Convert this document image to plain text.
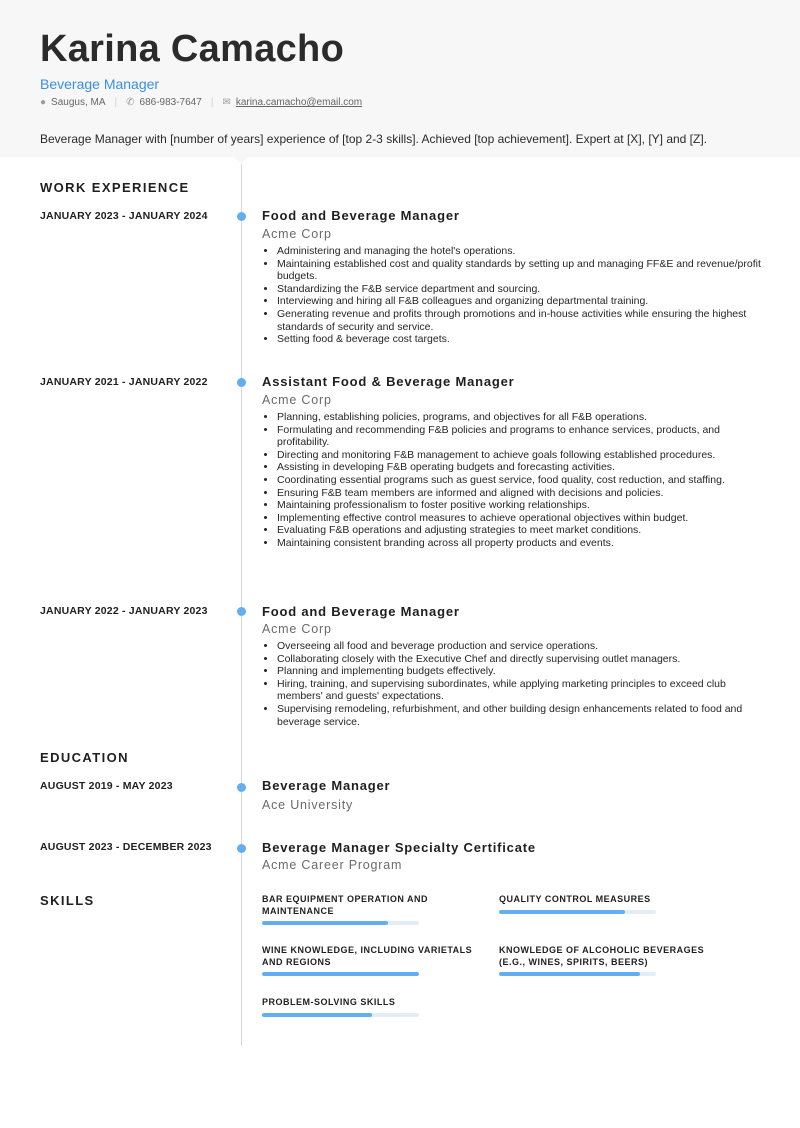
Karina Camacho
Beverage Manager
● Saugus, MA | ✆ 686-983-7647 | ✉ karina.camacho@email.com
Beverage Manager with [number of years] experience of [top 2-3 skills]. Achieved [top achievement]. Expert at [X], [Y] and [Z].
WORK EXPERIENCE
JANUARY 2023 - JANUARY 2024	Food and Beverage Manager
Acme Corp
• Administering and managing the hotel's operations.
• Maintaining established cost and quality standards by setting up and managing FF&E and revenue/profit budgets.
• Standardizing the F&B service department and sourcing.
• Interviewing and hiring all F&B colleagues and organizing departmental training.
• Generating revenue and profits through promotions and in-house activities while ensuring the highest standards of security and service.
• Setting food & beverage cost targets.
JANUARY 2021 - JANUARY 2022	Assistant Food & Beverage Manager
Acme Corp
• Planning, establishing policies, programs, and objectives for all F&B operations.
• Formulating and recommending F&B policies and programs to enhance services, products, and profitability.
• Directing and monitoring F&B management to achieve goals following established procedures.
• Assisting in developing F&B operating budgets and forecasting activities.
• Coordinating essential programs such as guest service, food quality, cost reduction, and staffing.
• Ensuring F&B team members are informed and aligned with decisions and policies.
• Maintaining professionalism to foster positive working relationships.
• Implementing effective control measures to achieve operational objectives within budget.
• Evaluating F&B operations and adjusting strategies to meet market conditions.
• Maintaining consistent branding across all property products and events.
JANUARY 2022 - JANUARY 2023	Food and Beverage Manager
Acme Corp
• Overseeing all food and beverage production and service operations.
• Collaborating closely with the Executive Chef and directly supervising outlet managers.
• Planning and implementing budgets effectively.
• Hiring, training, and supervising subordinates, while applying marketing principles to exceed club members' and guests' expectations.
• Supervising remodeling, refurbishment, and other building design enhancements related to food and beverage service.
EDUCATION
AUGUST 2019 - MAY 2023	Beverage Manager
Ace University
AUGUST 2023 - DECEMBER 2023	Beverage Manager Specialty Certificate
Acme Career Program
SKILLS	BAR EQUIPMENT OPERATION AND MAINTENANCE
QUALITY CONTROL MEASURES
WINE KNOWLEDGE, INCLUDING VARIETALS AND REGIONS
KNOWLEDGE OF ALCOHOLIC BEVERAGES (E.G., WINES, SPIRITS, BEERS)
PROBLEM-SOLVING SKILLS
